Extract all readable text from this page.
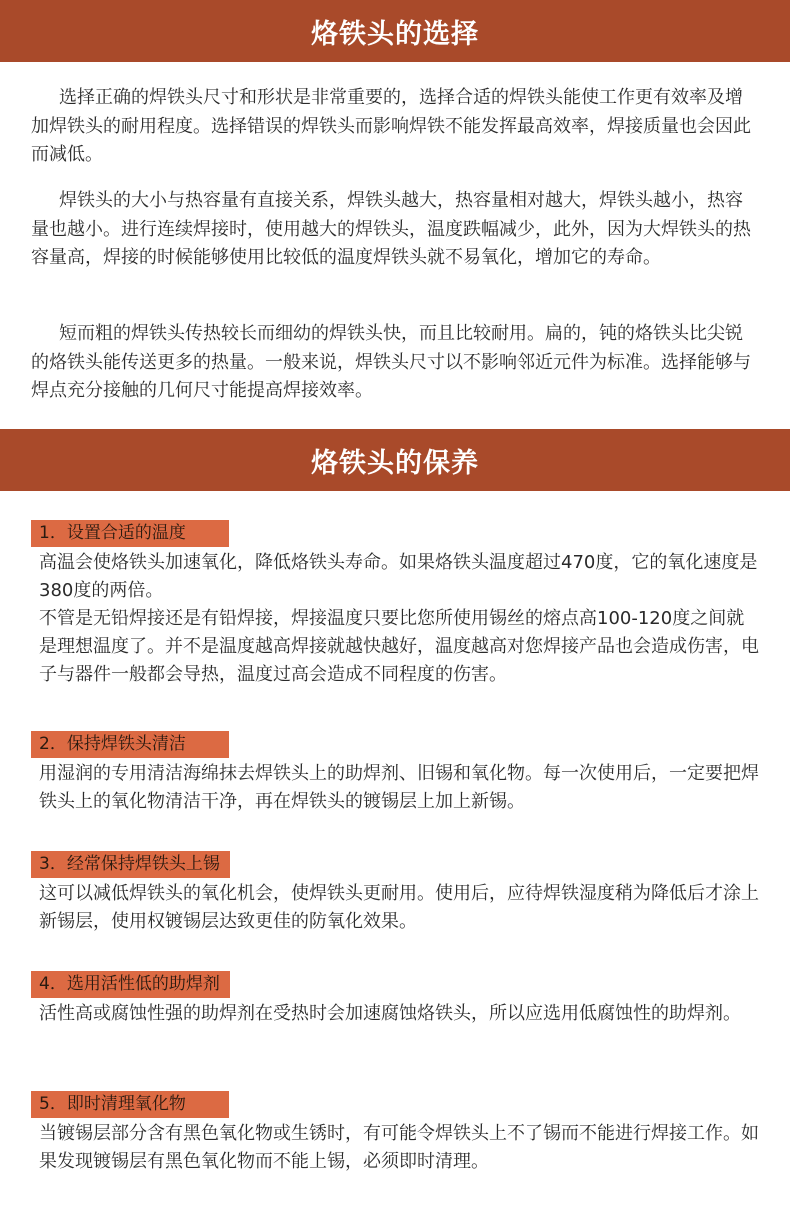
烙铁头的选择

选择正确的焊铁头尺寸和形状是非常重要的，选择合适的焊铁头能使工作更有效率及增加焊铁头的耐用程度。选择错误的焊铁头而影响焊铁不能发挥最高效率，焊接质量也会因此而减低。

焊铁头的大小与热容量有直接关系，焊铁头越大，热容量相对越大，焊铁头越小，热容量也越小。进行连续焊接时，使用越大的焊铁头，温度跌幅减少，此外，因为大焊铁头的热容量高，焊接的时候能够使用比较低的温度焊铁头就不易氧化，增加它的寿命。

短而粗的焊铁头传热较长而细幼的焊铁头快，而且比较耐用。扁的，钝的烙铁头比尖锐的烙铁头能传送更多的热量。一般来说，焊铁头尺寸以不影响邻近元件为标准。选择能够与焊点充分接触的几何尺寸能提高焊接效率。

烙铁头的保养
1．设置合适的温度

高温会使烙铁头加速氧化，降低烙铁头寿命。如果烙铁头温度超过470度，它的氧化速度是380度的两倍。

不管是无铅焊接还是有铅焊接，焊接温度只要比您所使用锡丝的熔点高100-120度之间就是理想温度了。并不是温度越高焊接就越快越好，温度越高对您焊接产品也会造成伤害，电子与器件一般都会导热，温度过高会造成不同程度的伤害。

2．保持焊铁头清洁

用湿润的专用清洁海绵抹去焊铁头上的助焊剂、旧锡和氧化物。每一次使用后，一定要把焊铁头上的氧化物清洁干净，再在焊铁头的镀锡层上加上新锡。

3．经常保持焊铁头上锡

这可以减低焊铁头的氧化机会，使焊铁头更耐用。使用后，应待焊铁湿度稍为降低后才涂上新锡层，使用权镀锡层达致更佳的防氧化效果。

4．选用活性低的助焊剂

活性高或腐蚀性强的助焊剂在受热时会加速腐蚀烙铁头，所以应选用低腐蚀性的助焊剂。

5．即时清理氧化物

当镀锡层部分含有黑色氧化物或生锈时，有可能令焊铁头上不了锡而不能进行焊接工作。如果发现镀锡层有黑色氧化物而不能上锡，必须即时清理。
